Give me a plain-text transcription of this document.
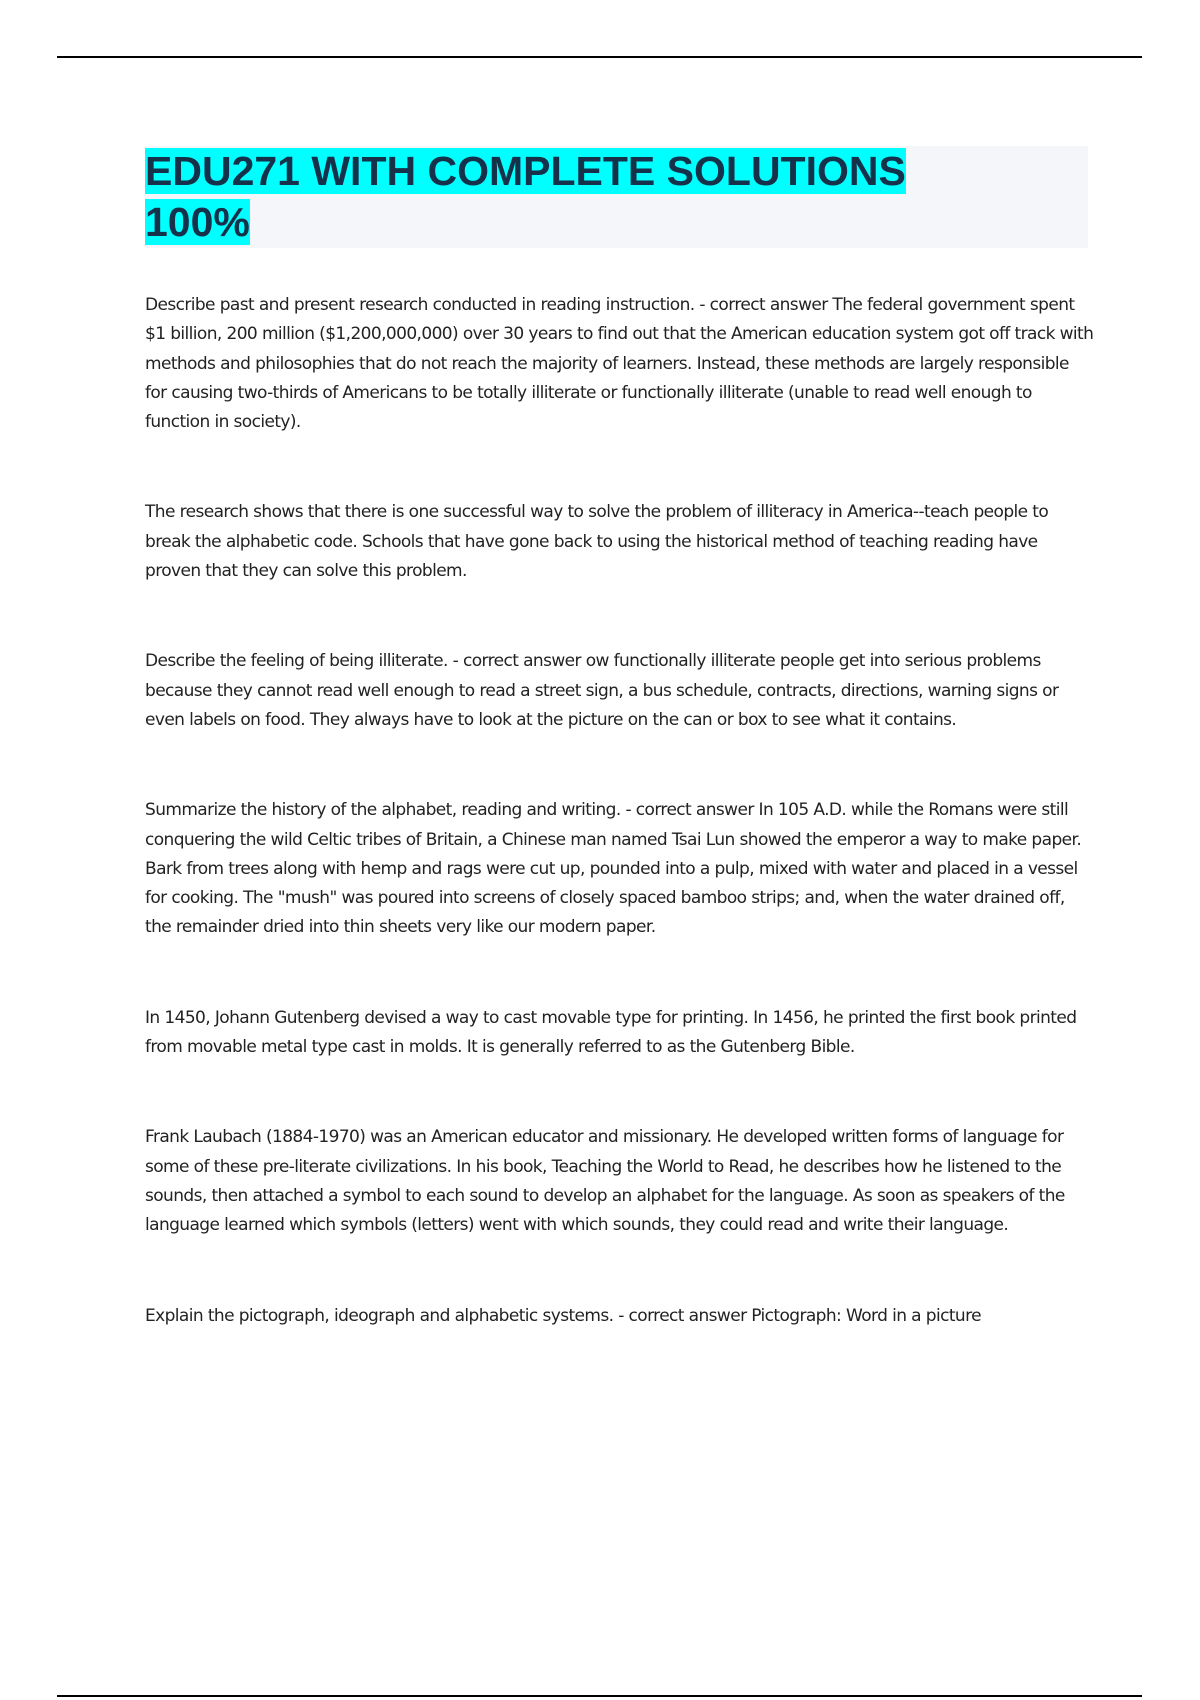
EDU271 WITH COMPLETE SOLUTIONS
100%

Describe past and present research conducted in reading instruction. - correct answer The federal government spent $1 billion, 200 million ($1,200,000,000) over 30 years to find out that the American education system got off track with methods and philosophies that do not reach the majority of learners. Instead, these methods are largely responsible for causing two-thirds of Americans to be totally illiterate or functionally illiterate (unable to read well enough to function in society).

The research shows that there is one successful way to solve the problem of illiteracy in America--teach people to break the alphabetic code. Schools that have gone back to using the historical method of teaching reading have proven that they can solve this problem.

Describe the feeling of being illiterate. - correct answer ow functionally illiterate people get into serious problems because they cannot read well enough to read a street sign, a bus schedule, contracts, directions, warning signs or even labels on food. They always have to look at the picture on the can or box to see what it contains.

Summarize the history of the alphabet, reading and writing. - correct answer In 105 A.D. while the Romans were still conquering the wild Celtic tribes of Britain, a Chinese man named Tsai Lun showed the emperor a way to make paper. Bark from trees along with hemp and rags were cut up, pounded into a pulp, mixed with water and placed in a vessel for cooking. The "mush" was poured into screens of closely spaced bamboo strips; and, when the water drained off, the remainder dried into thin sheets very like our modern paper.

In 1450, Johann Gutenberg devised a way to cast movable type for printing. In 1456, he printed the first book printed from movable metal type cast in molds. It is generally referred to as the Gutenberg Bible.

Frank Laubach (1884-1970) was an American educator and missionary. He developed written forms of language for some of these pre-literate civilizations. In his book, Teaching the World to Read, he describes how he listened to the sounds, then attached a symbol to each sound to develop an alphabet for the language. As soon as speakers of the language learned which symbols (letters) went with which sounds, they could read and write their language.

Explain the pictograph, ideograph and alphabetic systems. - correct answer Pictograph: Word in a picture
